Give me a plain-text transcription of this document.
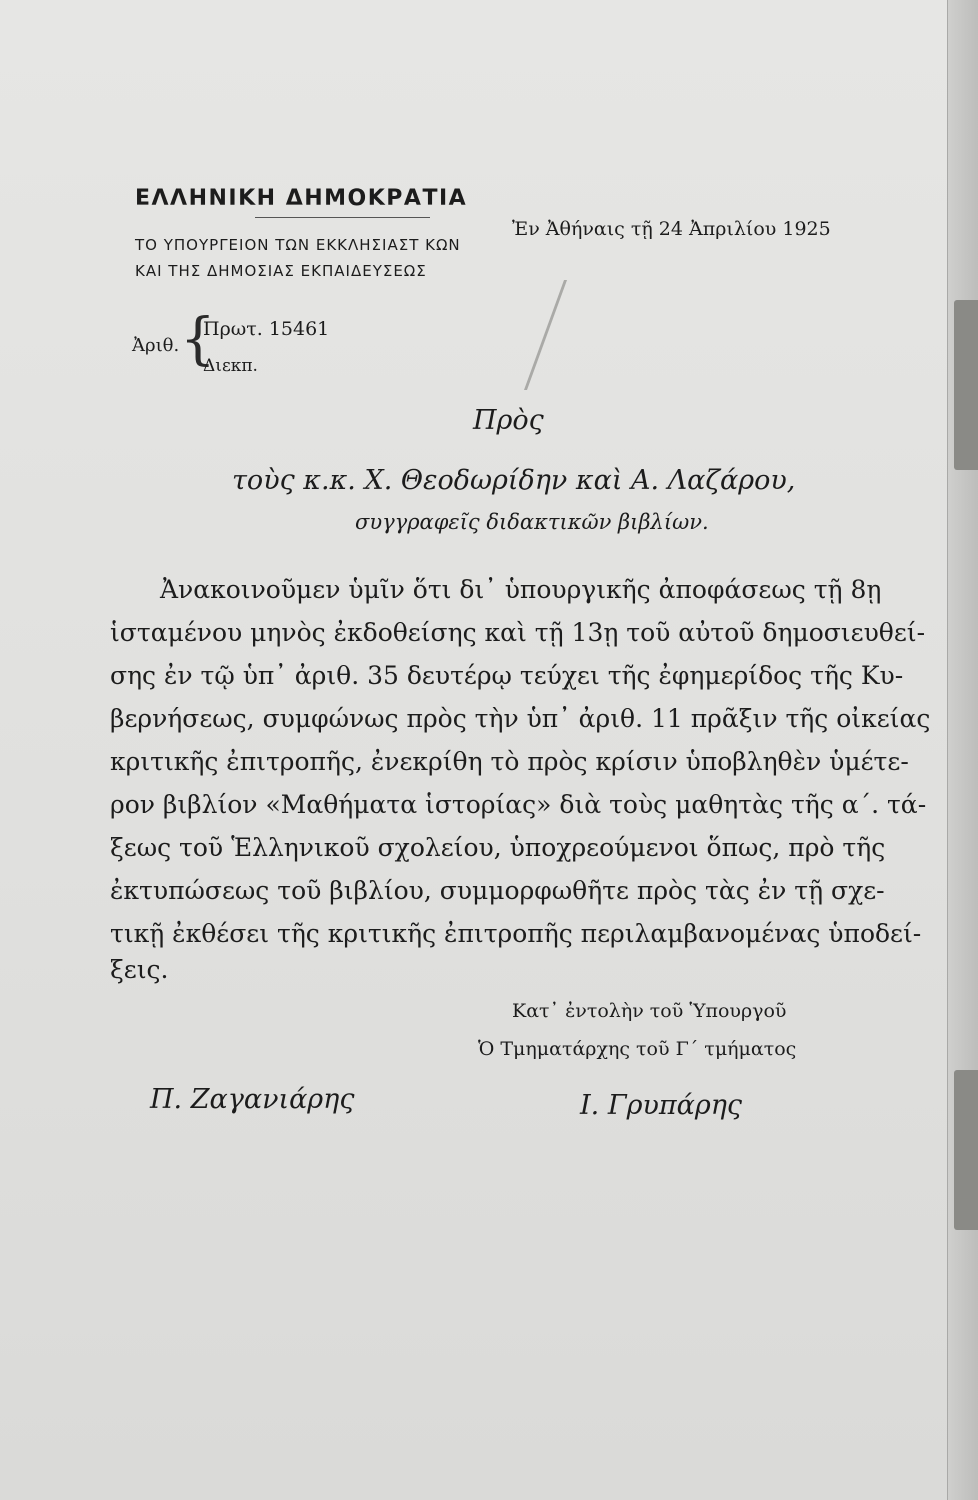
ΕΛΛΗΝΙΚΗ ΔΗΜΟΚΡΑΤΙΑ
ΤΟ ΥΠΟΥΡΓΕΙΟΝ ΤΩΝ ΕΚΚΛΗΣΙΑΣΤ ΚΩΝ
ΚΑΙ ΤΗΣ ΔΗΜΟΣΙΑΣ ΕΚΠΑΙΔΕΥΣΕΩΣ
Ἐν Ἀθήναις τῇ 24 Ἀπριλίου 1925
Ἀριθ. {
Πρωτ. 15461
Διεκπ.
Πρὸς
τοὺς κ.κ. Χ. Θεοδωρίδην καὶ Α. Λαζάρου,
συγγραφεῖς διδακτικῶν βιβλίων.
Ἀνακοινοῦμεν ὑμῖν ὅτι δι᾿ ὑπουργικῆς ἀποφάσεως τῇ 8ῃ
ἱσταμένου μηνὸς ἐκδοθείσης καὶ τῇ 13ῃ τοῦ αὐτοῦ δημοσιευθεί-
σης ἐν τῷ ὑπ᾿ ἀριθ. 35 δευτέρῳ τεύχει τῆς ἐφημερίδος τῆς Κυ-
βερνήσεως, συμφώνως πρὸς τὴν ὑπ᾿ ἀριθ. 11 πρᾶξιν τῆς οἰκείας
κριτικῆς ἐπιτροπῆς, ἐνεκρίθη τὸ πρὸς κρίσιν ὑποβληθὲν ὑμέτε-
ρον βιβλίον «Μαθήματα ἱστορίας» διὰ τοὺς μαθητὰς τῆς α΄. τά-
ξεως τοῦ Ἑλληνικοῦ σχολείου, ὑποχρεούμενοι ὅπως, πρὸ τῆς
ἐκτυπώσεως τοῦ βιβλίου, συμμορφωθῆτε πρὸς τὰς ἐν τῇ σχε-
τικῇ ἐκθέσει τῆς κριτικῆς ἐπιτροπῆς περιλαμβανομένας ὑποδεί-
ξεις.
Κατ᾿ ἐντολὴν τοῦ Ὑπουργοῦ
Ὁ Τμηματάρχης τοῦ Γ΄ τμήματος
Π. Ζαγανιάρης	Ι. Γρυπάρης
